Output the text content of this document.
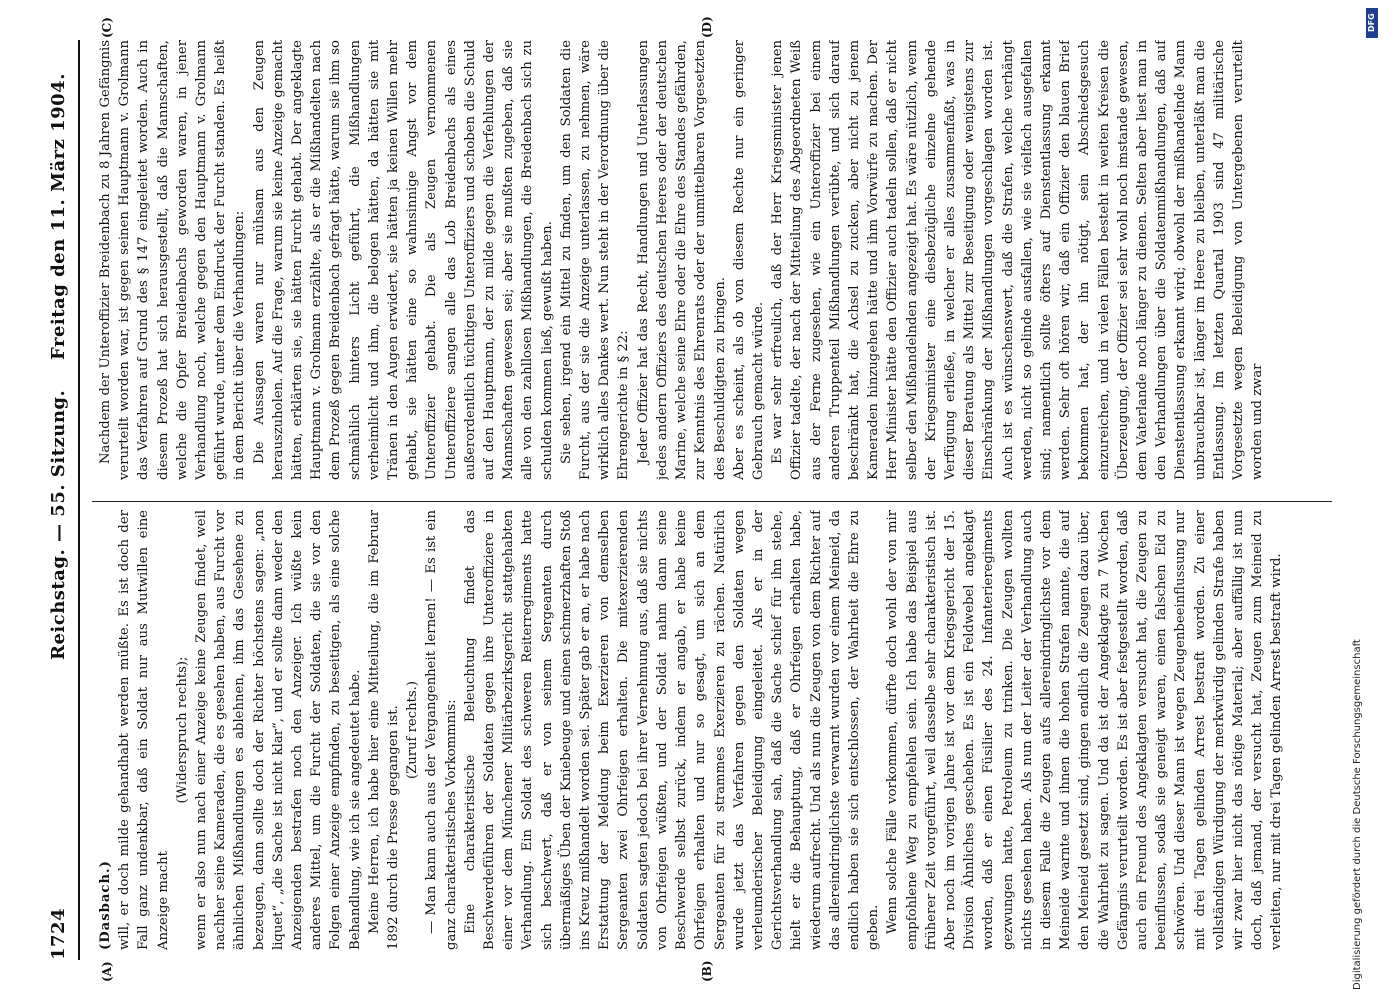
1724
Reichstag. — 55. Sitzung.
Freitag den 11. März 1904.
(A)	(B)
(C)	(D)

(Dasbach.) will, er doch milde gehandhabt werden müßte. Es ist doch der Fall ganz undenkbar, daß ein Soldat nur aus Mutwillen eine Anzeige macht

(Widerspruch rechts); wenn er also nun nach einer Anzeige keine Zeugen findet, weil nachher seine Kameraden, die es gesehen haben, aus Furcht vor ähnlichen Mißhandlungen es ablehnen, ihm das Gesehene zu bezeugen, dann sollte doch der Richter höchstens sagen: „non liquet“, „die Sache ist nicht klar“, und er sollte dann weder den Anzeigenden bestrafen noch den Anzeiger. Ich wüßte kein anderes Mittel, um die Furcht der Soldaten, die sie vor den Folgen einer Anzeige empfinden, zu beseitigen, als eine solche Behandlung, wie ich sie angedeutet habe. Meine Herren, ich habe hier eine Mitteilung, die im Februar 1892 durch die Presse gegangen ist. (Zuruf rechts.) — Man kann auch aus der Vergangenheit lernen! — Es ist ein ganz charakteristisches Vorkommnis: Eine charakteristische Beleuchtung findet das Beschwerdeführen der Soldaten gegen ihre Unteroffiziere in einer vor dem Münchener Militärbezirksgericht stattgehabten Verhandlung. Ein Soldat des schweren Reiterregiments hatte sich beschwert, daß er von seinem Sergeanten durch übermäßiges Üben der Kniebeuge und einen schmerzhaften Stoß ins Kreuz mißhandelt worden sei. Später gab er an, er habe nach Erstattung der Meldung beim Exerzieren von demselben Sergeanten zwei Ohrfeigen erhalten. Die mitexerzierenden Soldaten sagten jedoch bei ihrer Vernehmung aus, daß sie nichts von Ohrfeigen wüßten, und der Soldat nahm dann seine Beschwerde selbst zurück, indem er angab, er habe keine Ohrfeigen erhalten und nur so gesagt, um sich an dem Sergeanten für zu strammes Exerzieren zu rächen. Natürlich wurde jetzt das Verfahren gegen den Soldaten wegen verleumderischer Beleidigung eingeleitet. Als er in der Gerichtsverhandlung sah, daß die Sache schief für ihn stehe, hielt er die Behauptung, daß er Ohrfeigen erhalten habe, wiederum aufrecht. Und als nun die Zeugen von dem Richter auf das allereindringlichste verwarnt wurden vor einem Meineid, da endlich haben sie sich entschlossen, der Wahrheit die Ehre zu geben. Wenn solche Fälle vorkommen, dürfte doch wohl der von mir empfohlene Weg zu empfehlen sein. Ich habe das Beispiel aus früherer Zeit vorgeführt, weil dasselbe sehr charakteristisch ist. Aber noch im vorigen Jahre ist vor dem Kriegsgericht der 15. Division Ähnliches geschehen. Es ist ein Feldwebel angeklagt worden, daß er einen Füsilier des 24. Infanterieregiments gezwungen hatte, Petroleum zu trinken. Die Zeugen wollten nichts gesehen haben. Als nun der Leiter der Verhandlung auch in diesem Falle die Zeugen aufs allereindringlichste vor dem Meineide warnte und ihnen die hohen Strafen nannte, die auf den Meineid gesetzt sind, gingen endlich die Zeugen dazu über, die Wahrheit zu sagen. Und da ist der Angeklagte zu 7 Wochen Gefängnis verurteilt worden. Es ist aber festgestellt worden, daß auch ein Freund des Angeklagten versucht hat, die Zeugen zu beeinflussen, sodaß sie geneigt waren, einen falschen Eid zu schwören. Und dieser Mann ist wegen Zeugenbeeinflussung nur mit drei Tagen gelinden Arrest bestraft worden. Zu einer vollständigen Würdigung der merkwürdig gelinden Strafe haben wir zwar hier nicht das nötige Material; aber auffällig ist nun doch, daß jemand, der versucht hat, Zeugen zum Meineid zu verleiten, nur mit drei Tagen gelinden Arrest bestraft wird.

Nachdem der Unteroffizier Breidenbach zu 8 Jahren Gefängnis verurteilt worden war, ist gegen seinen Hauptmann v. Grolmann das Verfahren auf Grund des § 147 eingeleitet worden. Auch in diesem Prozeß hat sich herausgestellt, daß die Mannschaften, welche die Opfer Breidenbachs geworden waren, in jener Verhandlung noch, welche gegen den Hauptmann v. Grolmann geführt wurde, unter dem Eindruck der Furcht standen. Es heißt in dem Bericht über die Verhandlungen: Die Aussagen waren nur mühsam aus den Zeugen herauszuholen. Auf die Frage, warum sie keine Anzeige gemacht hätten, erklärten sie, sie hätten Furcht gehabt. Der angeklagte Hauptmann v. Grolmann erzählte, als er die Mißhandelten nach dem Prozeß gegen Breidenbach gefragt hätte, warum sie ihm so schmählich hinters Licht geführt, die Mißhandlungen verheimlicht und ihm, die belogen hätten, da hätten sie mit Tränen in den Augen erwidert, sie hätten ja keinen Willen mehr gehabt, sie hätten eine so wahnsinnige Angst vor dem Unteroffizier gehabt. Die als Zeugen vernommenen Unteroffiziere sangen alle das Lob Breidenbachs als eines außerordentlich tüchtigen Unteroffiziers und schoben die Schuld auf den Hauptmann, der zu milde gegen die Verfehlungen der Mannschaften gewesen sei; aber sie mußten zugeben, daß sie alle von den zahllosen Mißhandlungen, die Breidenbach sich zu schulden kommen ließ, gewußt haben. Sie sehen, irgend ein Mittel zu finden, um den Soldaten die Furcht, aus der sie die Anzeige unterlassen, zu nehmen, wäre wirklich alles Dankes wert. Nun steht in der Verordnung über die Ehrengerichte in § 22: Jeder Offizier hat das Recht, Handlungen und Unterlassungen jedes andern Offiziers des deutschen Heeres oder der deutschen Marine, welche seine Ehre oder die Ehre des Standes gefährden, zur Kenntnis des Ehrenrats oder der unmittelbaren Vorgesetzten des Beschuldigten zu bringen. Aber es scheint, als ob von diesem Rechte nur ein geringer Gebrauch gemacht würde. Es war sehr erfreulich, daß der Herr Kriegsminister jenen Offizier tadelte, der nach der Mitteilung des Abgeordneten Weiß aus der Ferne zugesehen, wie ein Unteroffizier bei einem anderen Truppenteil Mißhandlungen verübte, und sich darauf beschränkt hat, die Achsel zu zucken, aber nicht zu jenem Kameraden hinzugehen hätte und ihm Vorwürfe zu machen. Der Herr Minister hätte den Offizier auch tadeln sollen, daß er nicht selber den Mißhandelnden angezeigt hat. Es wäre nützlich, wenn der Kriegsminister eine diesbezügliche einzelne gehende Verfügung erließe, in welcher er alles zusammenfaßt, was in dieser Beratung als Mittel zur Beseitigung oder wenigstens zur Einschränkung der Mißhandlungen vorgeschlagen worden ist. Auch ist es wünschenswert, daß die Strafen, welche verhängt werden, nicht so gelinde ausfallen, wie sie vielfach ausgefallen sind; namentlich sollte öfters auf Dienstentlassung erkannt werden. Sehr oft hören wir, daß ein Offizier den blauen Brief bekommen hat, der ihn nötigt, sein Abschiedsgesuch einzureichen, und in vielen Fällen besteht in weiten Kreisen die Überzeugung, der Offizier sei sehr wohl noch imstande gewesen, dem Vaterlande noch länger zu dienen. Selten aber liest man in den Verhandlungen über die Soldatenmißhandlungen, daß auf Dienstentlassung erkannt wird; obwohl der mißhandelnde Mann unbrauchbar ist, länger im Heere zu bleiben, unterläßt man die Entlassung. Im letzten Quartal 1903 sind 47 militärische Vorgesetzte wegen Beleidigung von Untergebenen verurteilt worden und zwar

DFG
Digitalisierung gefördert durch die Deutsche Forschungsgemeinschaft
